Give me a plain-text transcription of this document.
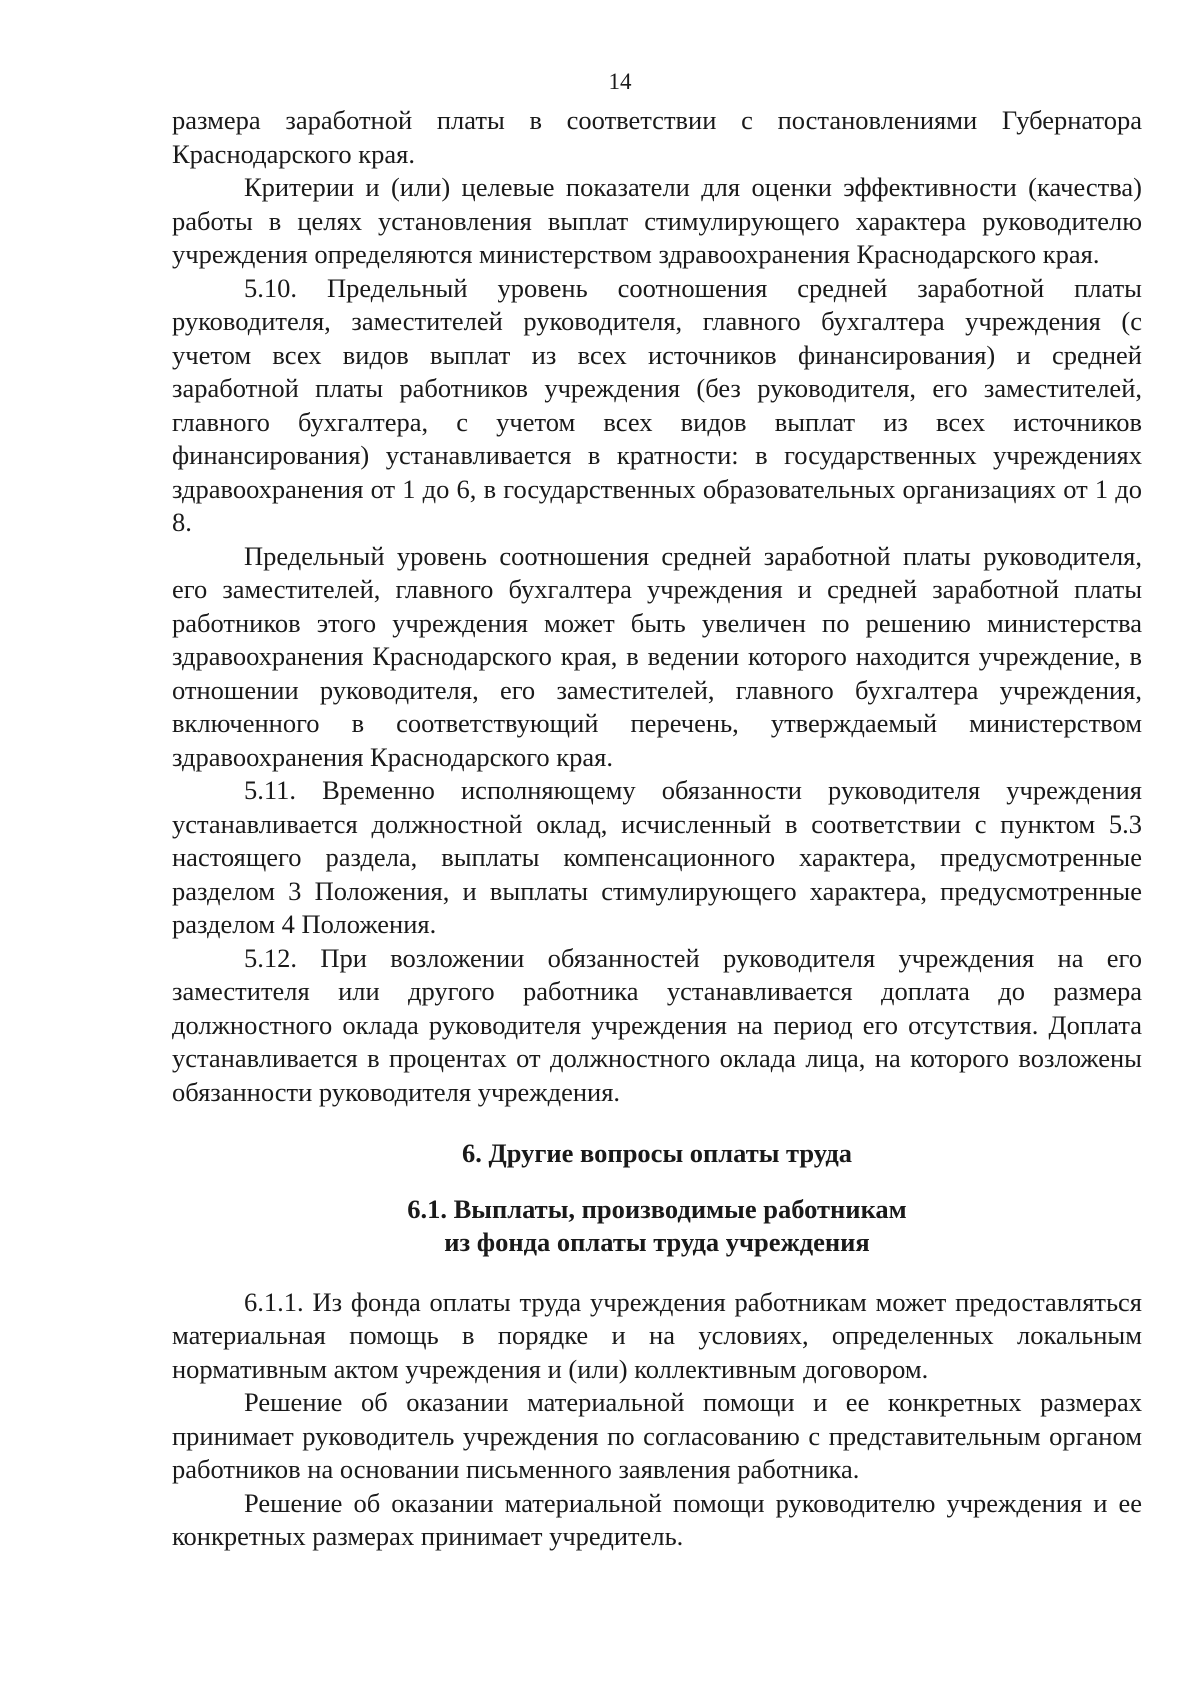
14

размера заработной платы в соответствии с постановлениями Губернатора Краснодарского края.

Критерии и (или) целевые показатели для оценки эффективности (качества) работы в целях установления выплат стимулирующего характера руководителю учреждения определяются министерством здравоохранения Краснодарского края.

5.10. Предельный уровень соотношения средней заработной платы руководителя, заместителей руководителя, главного бухгалтера учреждения (с учетом всех видов выплат из всех источников финансирования) и средней заработной платы работников учреждения (без руководителя, его заместителей, главного бухгалтера, с учетом всех видов выплат из всех источников финансирования) устанавливается в кратности: в государственных учреждениях здравоохранения от 1 до 6, в государственных образовательных организациях от 1 до 8.

Предельный уровень соотношения средней заработной платы руководителя, его заместителей, главного бухгалтера учреждения и средней заработной платы работников этого учреждения может быть увеличен по решению министерства здравоохранения Краснодарского края, в ведении которого находится учреждение, в отношении руководителя, его заместителей, главного бухгалтера учреждения, включенного в соответствующий перечень, утверждаемый министерством здравоохранения Краснодарского края.

5.11. Временно исполняющему обязанности руководителя учреждения устанавливается должностной оклад, исчисленный в соответствии с пунктом 5.3 настоящего раздела, выплаты компенсационного характера, предусмотренные разделом 3 Положения, и выплаты стимулирующего характера, предусмотренные разделом 4 Положения.

5.12. При возложении обязанностей руководителя учреждения на его заместителя или другого работника устанавливается доплата до размера должностного оклада руководителя учреждения на период его отсутствия. Доплата устанавливается в процентах от должностного оклада лица, на которого возложены обязанности руководителя учреждения.

6. Другие вопросы оплаты труда
6.1. Выплаты, производимые работникам
из фонда оплаты труда учреждения

6.1.1. Из фонда оплаты труда учреждения работникам может предоставляться материальная помощь в порядке и на условиях, определенных локальным нормативным актом учреждения и (или) коллективным договором.

Решение об оказании материальной помощи и ее конкретных размерах принимает руководитель учреждения по согласованию с представительным органом работников на основании письменного заявления работника.

Решение об оказании материальной помощи руководителю учреждения и ее конкретных размерах принимает учредитель.
